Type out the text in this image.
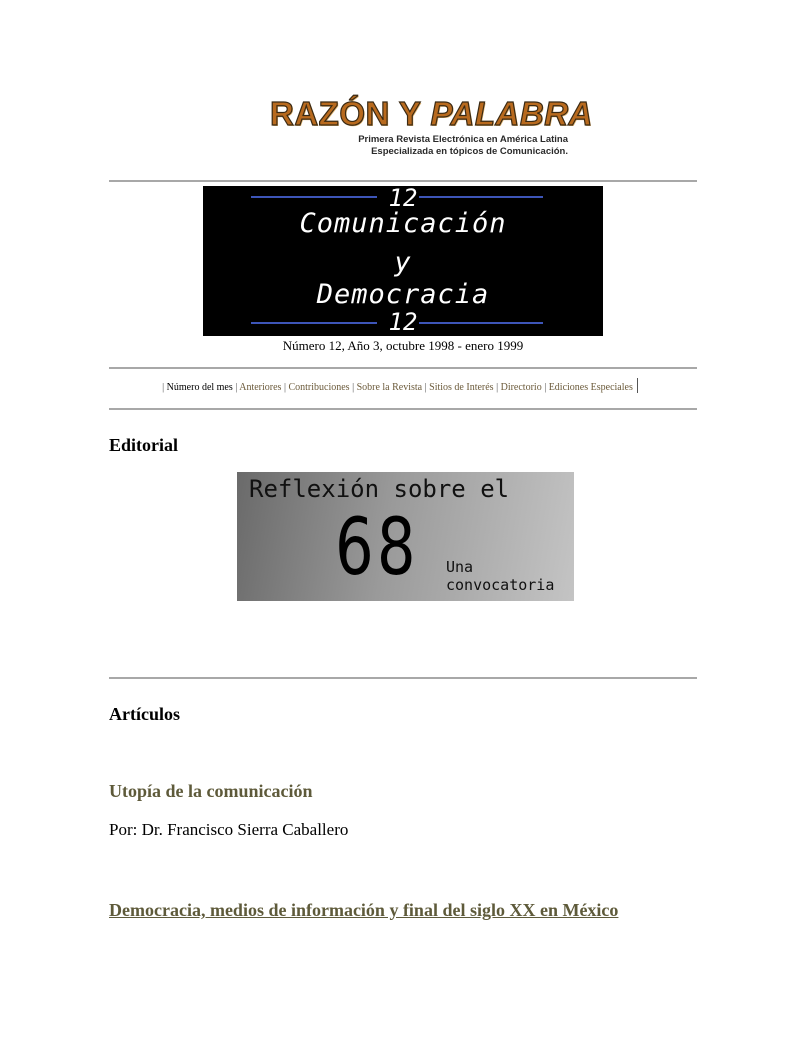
RAZÓN Y PALABRA
Primera Revista Electrónica en América Latina
Especializada en tópicos de Comunicación.
12
Comunicación
y
Democracia
12
Número 12, Año 3, octubre 1998 - enero 1999
| Número del mes | Anteriores | Contribuciones | Sobre la Revista | Sitios de Interés | Directorio | Ediciones Especiales
Editorial
Reflexión sobre el
68 Una
convocatoria
Artículos
Utopía de la comunicación
Por: Dr. Francisco Sierra Caballero
Democracia, medios de información y final del siglo XX en México
